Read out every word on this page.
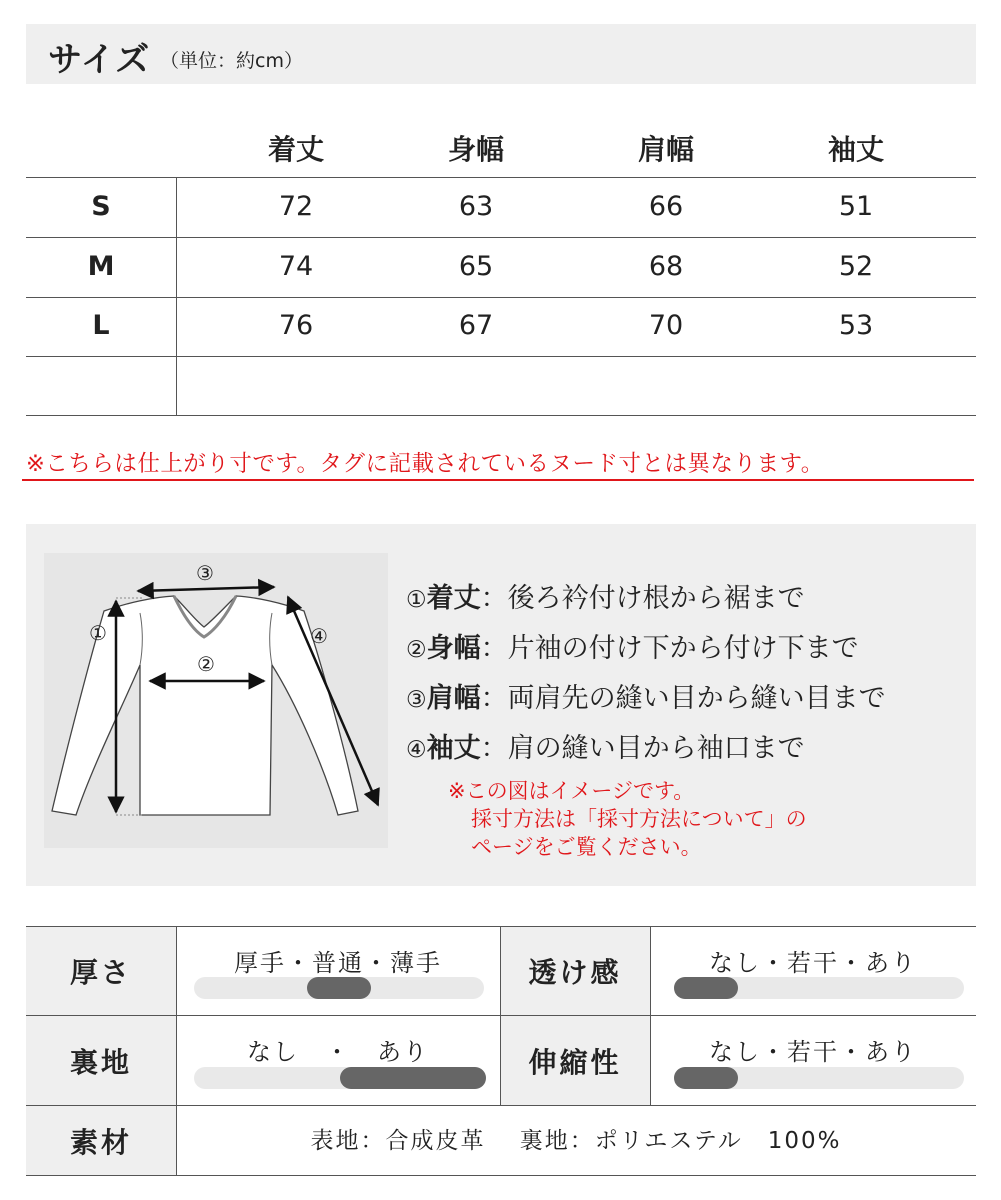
サイズ （単位：約cm）
着丈	身幅	肩幅	袖丈
S	72	63	66	51
M	74	65	68	52
L	76	67	70	53
※こちらは仕上がり寸です。タグに記載されているヌード寸とは異なります。
③
①
②
④
①着丈：後ろ衿付け根から裾まで
②身幅：片袖の付け下から付け下まで
③肩幅：両肩先の縫い目から縫い目まで
④袖丈：肩の縫い目から袖口まで
※この図はイメージです。
採寸方法は「採寸方法について」の
ページをご覧ください。
厚さ	厚手・普通・薄手	透け感	なし・若干・あり
裏地	なし　・　あり	伸縮性	なし・若干・あり
素材	表地：合成皮革　 裏地：ポリエステル　100%
